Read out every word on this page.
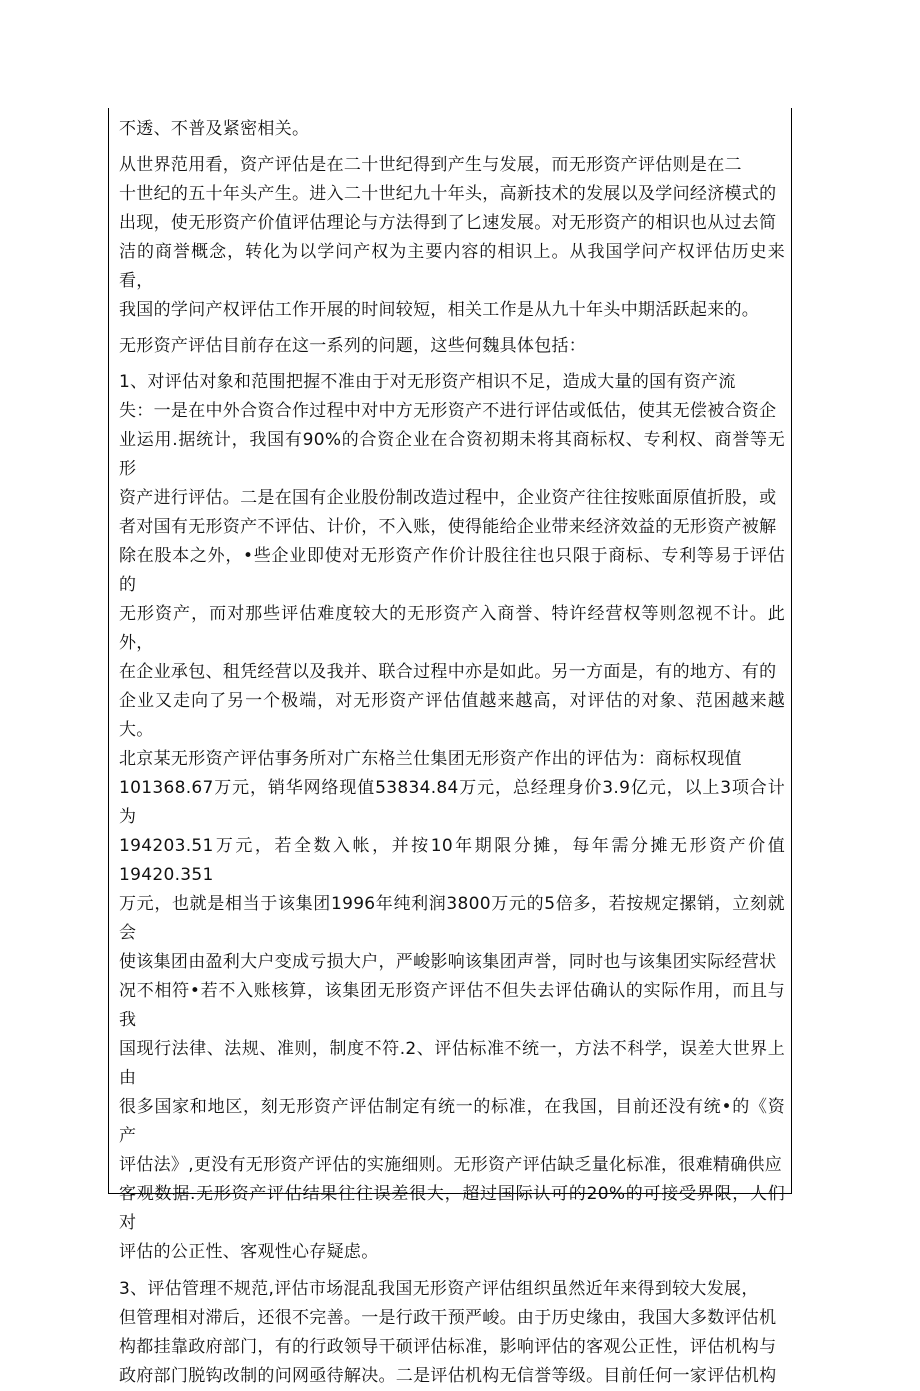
不透、不普及紧密相关。

从世界范用看，资产评估是在二十世纪得到产生与发展，而无形资产评估则是在二
十世纪的五十年头产生。进入二十世纪九十年头，高新技术的发展以及学问经济模式的
出现，使无形资产价值评估理论与方法得到了匕速发展。对无形资产的相识也从过去简
洁的商誉概念，转化为以学问产权为主要内容的相识上。从我国学问产权评估历史来看，
我国的学问产权评估工作开展的时间较短，相关工作是从九十年头中期活跃起来的。

无形资产评估目前存在这一系列的问题，这些何魏具体包括：

1、对评估对象和范围把握不准由于对无形资产相识不足，造成大量的国有资产流
失：一是在中外合资合作过程中对中方无形资产不进行评估或低估，使其无偿被合资企
业运用.据统计，我国有90%的合资企业在合资初期未将其商标权、专利权、商誉等无形
资产进行评估。二是在国有企业股份制改造过程中，企业资产往往按账面原值折股，或
者对国有无形资产不评估、计价，不入账，使得能给企业带来经济效益的无形资产被解
除在股本之外，•些企业即使对无形资产作价计股往往也只限于商标、专利等易于评估的
无形资产，而对那些评估难度较大的无形资产入商誉、特许经营权等则忽视不计。此外，
在企业承包、租凭经营以及我并、联合过程中亦是如此。另一方面是，有的地方、有的
企业又走向了另一个极端，对无形资产评估值越来越高，对评估的对象、范困越来越大。
北京某无形资产评估事务所对广东格兰仕集团无形资产作出的评估为：商标权现值
101368.67万元，销华网络现值53834.84万元，总经理身价3.9亿元，以上3项合计为
194203.51万元，若全数入帐，并按10年期限分摊，每年需分摊无形资产价值19420.351
万元，也就是相当于该集团1996年纯利润3800万元的5倍多，若按规定摞销，立刻就会
使该集团由盈利大户变成亏损大户，严峻影响该集团声誉，同时也与该集团实际经营状
况不相符•若不入账核算，该集团无形资产评估不但失去评估确认的实际作用，而且与我
国现行法律、法规、准则，制度不符.2、评估标准不统一，方法不科学，误差大世界上由
很多国家和地区，刻无形资产评估制定有统一的标准，在我国，目前还没有统•的《资产
评估法》,更没有无形资产评估的实施细则。无形资产评估缺乏量化标准，很难精确供应
客观数据.无形资产评估结果往往误差很大，超过国际认可的20%的可接受界限，人们对
评估的公正性、客观性心存疑虑。

3、评估管理不规范,评估市场混乱我国无形资产评估组织虽然近年来得到较大发展，
但管理相对滞后，还很不完善。一是行政干预严峻。由于历史缘由，我国大多数评估机
构都挂靠政府部门，有的行政领导干硕评估标准，影响评估的客观公正性，评估机构与
政府部门脱钩改制的问网亟待解决。二是评估机构无信誉等级。目前任何一家评估机构
